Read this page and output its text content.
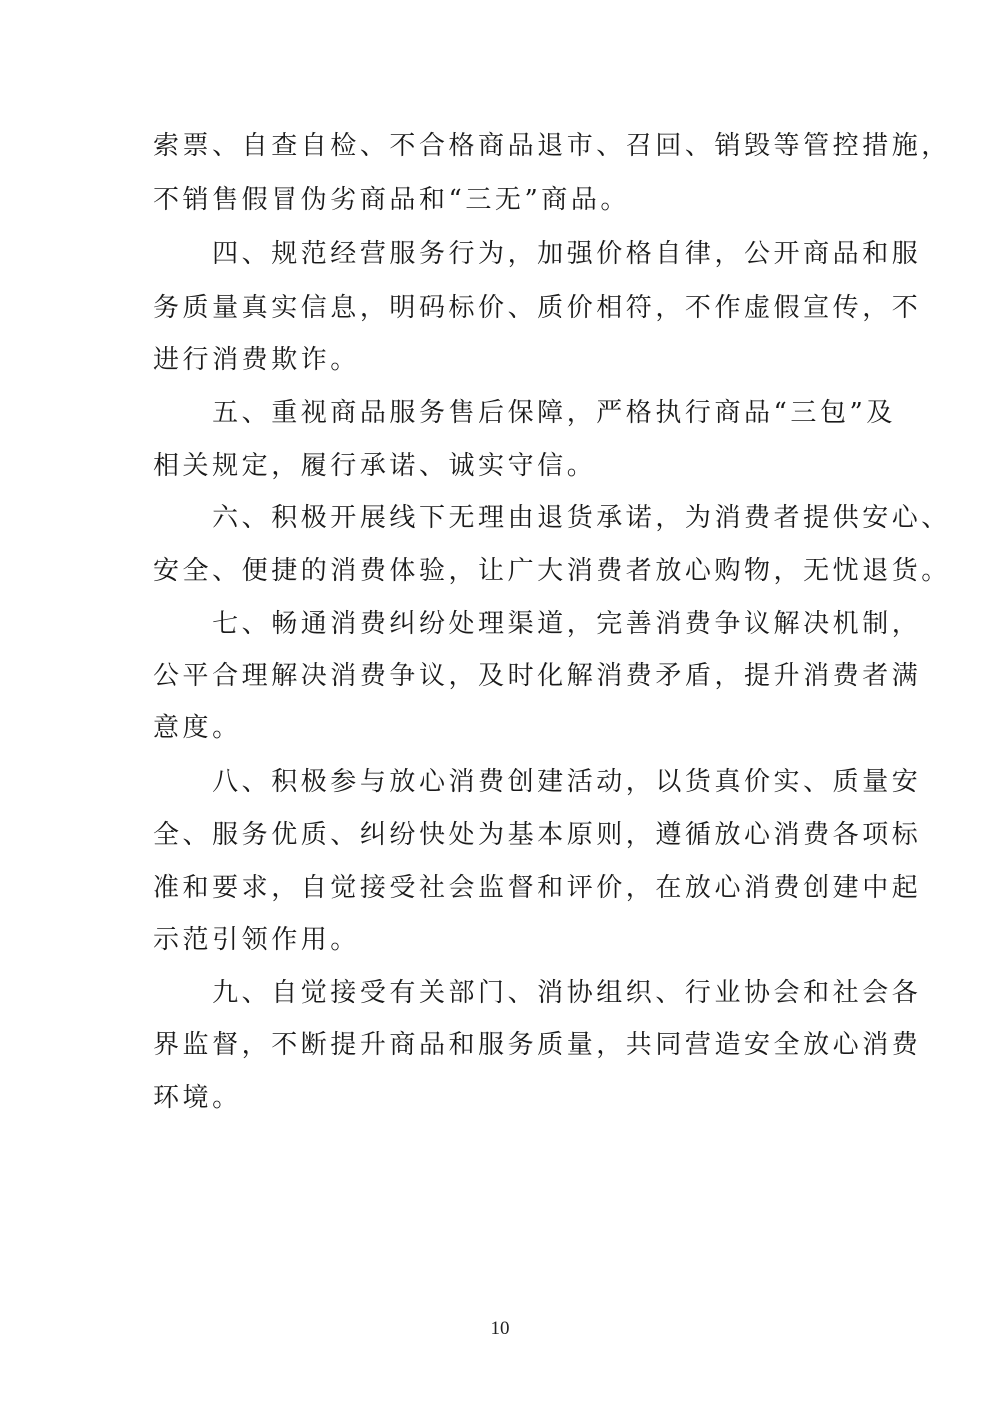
索票、自查自检、不合格商品退市、召回、销毁等管控措施，
不销售假冒伪劣商品和“三无”商品。
　　四、规范经营服务行为，加强价格自律，公开商品和服
务质量真实信息，明码标价、质价相符，不作虚假宣传，不
进行消费欺诈。
　　五、重视商品服务售后保障，严格执行商品“三包”及
相关规定，履行承诺、诚实守信。
　　六、积极开展线下无理由退货承诺，为消费者提供安心、
安全、便捷的消费体验，让广大消费者放心购物，无忧退货。
　　七、畅通消费纠纷处理渠道，完善消费争议解决机制，
公平合理解决消费争议，及时化解消费矛盾，提升消费者满
意度。
　　八、积极参与放心消费创建活动，以货真价实、质量安
全、服务优质、纠纷快处为基本原则，遵循放心消费各项标
准和要求，自觉接受社会监督和评价，在放心消费创建中起
示范引领作用。
　　九、自觉接受有关部门、消协组织、行业协会和社会各
界监督，不断提升商品和服务质量，共同营造安全放心消费
环境。
10
